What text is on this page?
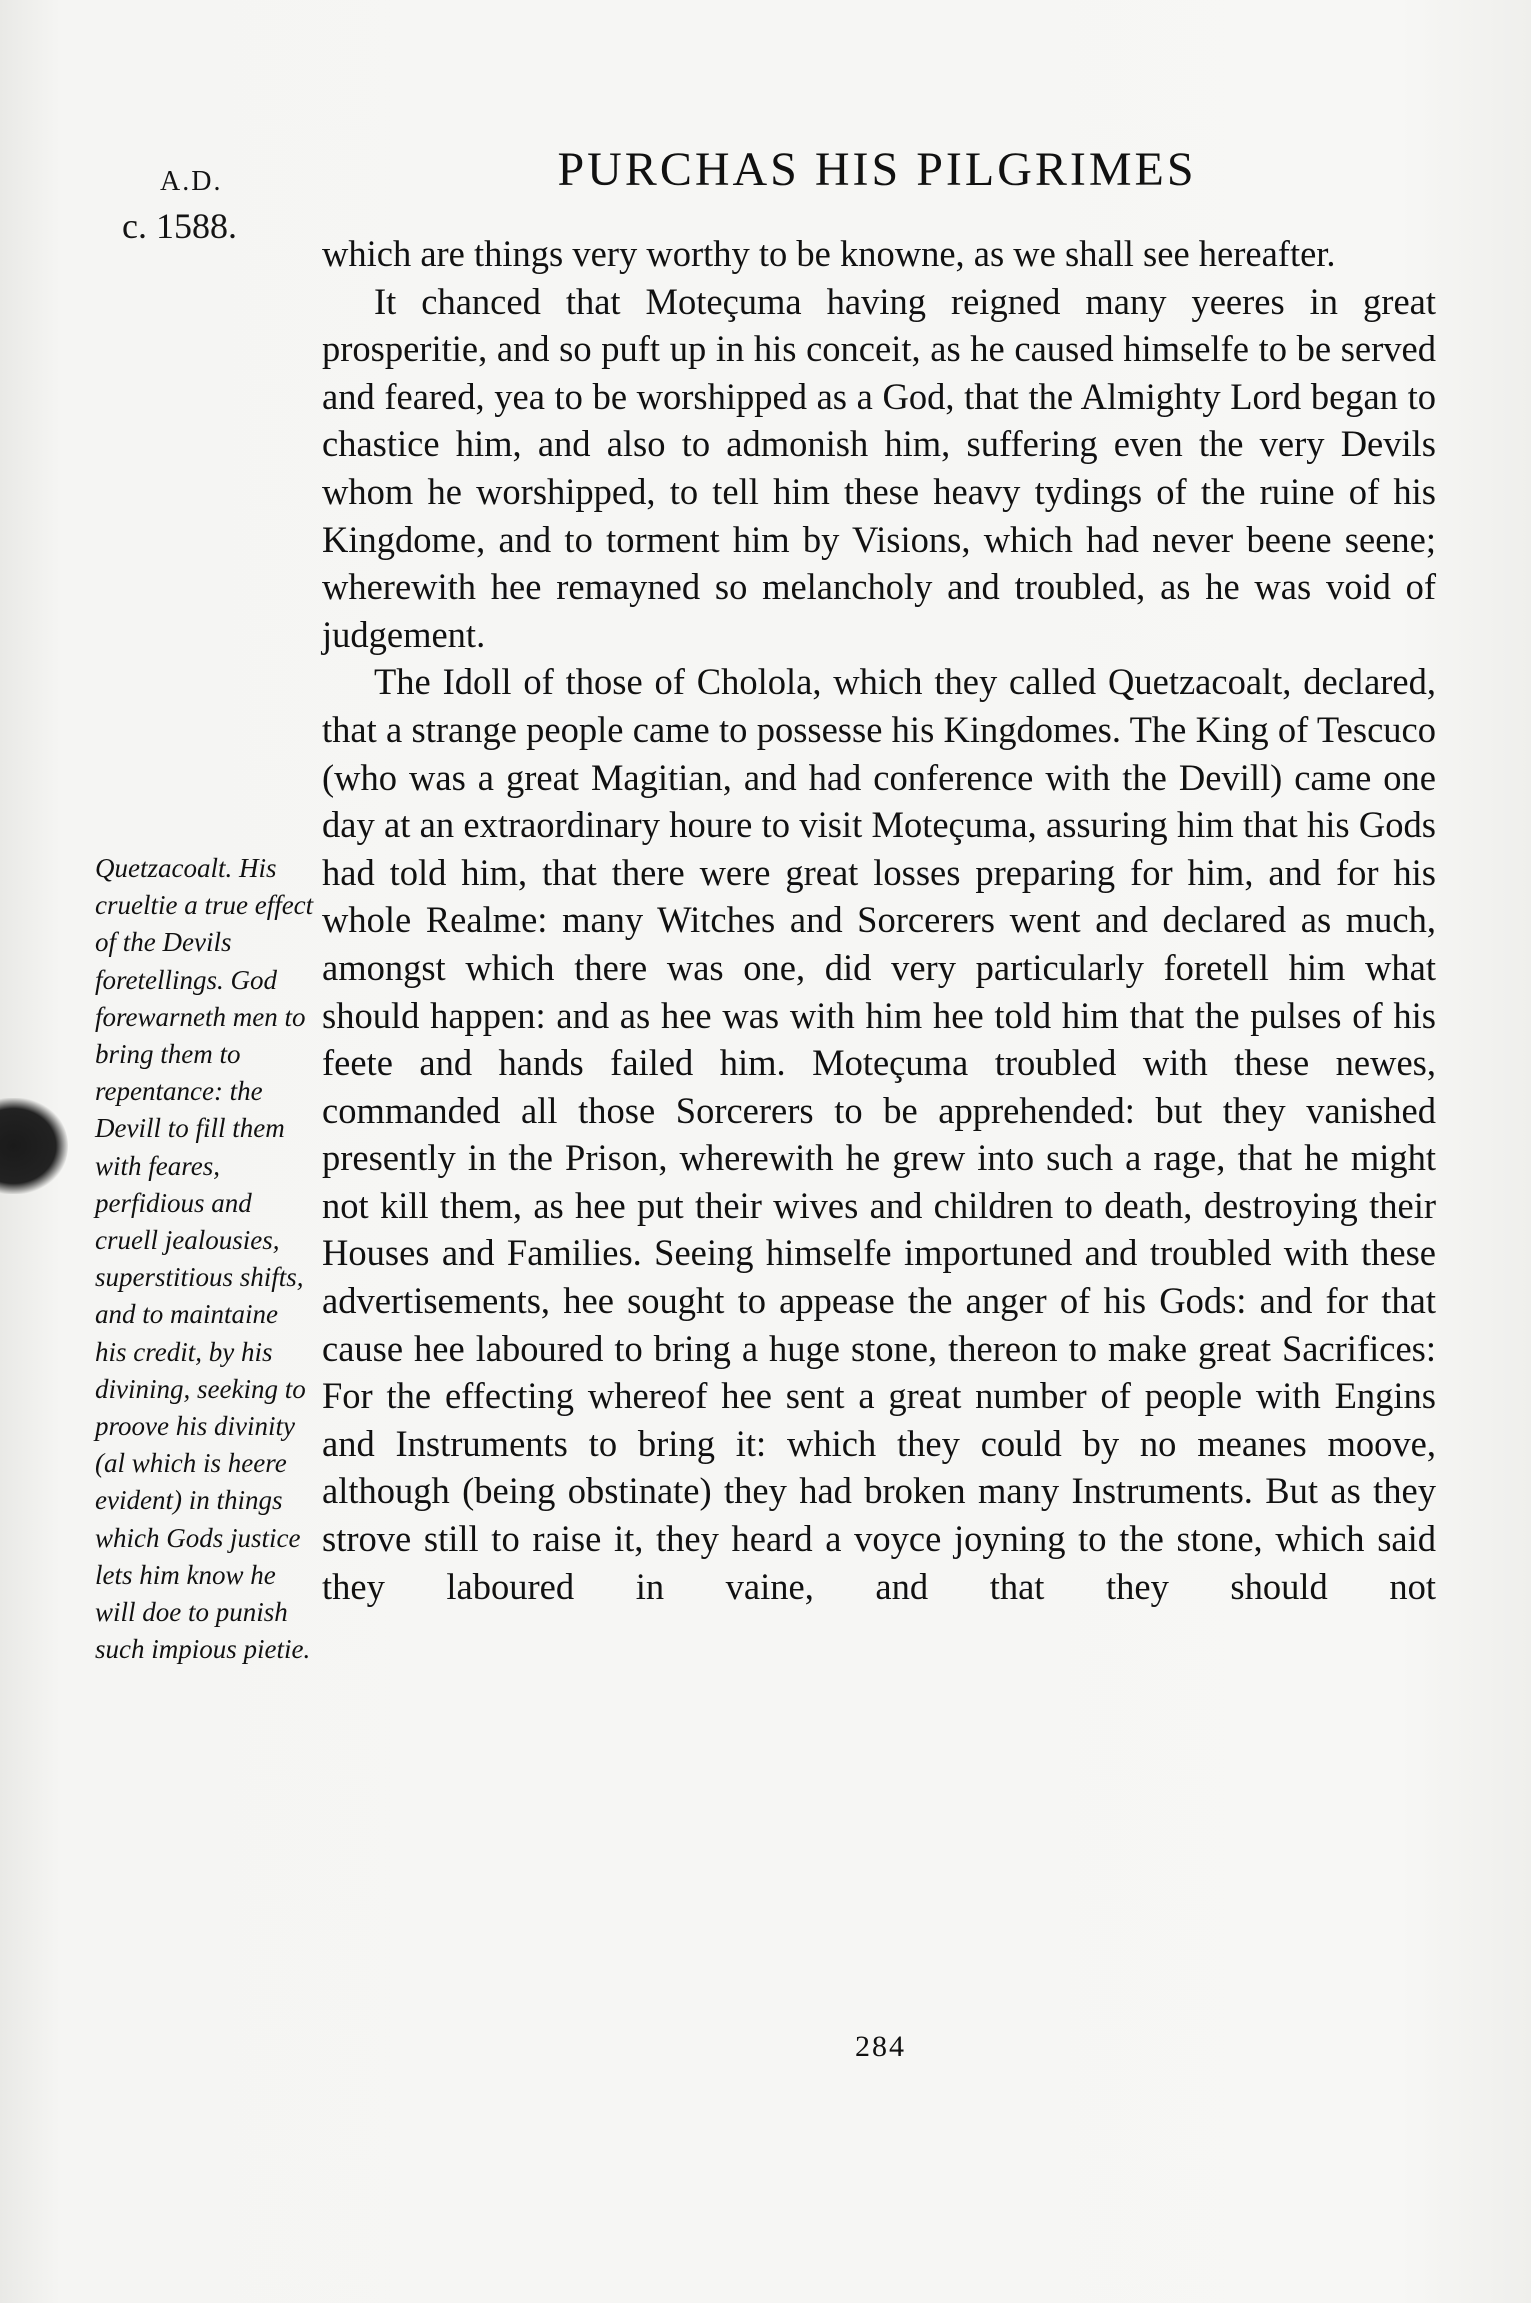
A.D.
c. 1588.
PURCHAS HIS PILGRIMES

which are things very worthy to be knowne, as we shall see hereafter.

It chanced that Moteçuma having reigned many yeeres in great prosperitie, and so puft up in his conceit, as he caused himselfe to be served and feared, yea to be worshipped as a God, that the Almighty Lord began to chastice him, and also to admonish him, suffering even the very Devils whom he worshipped, to tell him these heavy tydings of the ruine of his Kingdome, and to torment him by Visions, which had never beene seene; wherewith hee remayned so melancholy and troubled, as he was void of judgement.

The Idoll of those of Cholola, which they called Quetzacoalt, declared, that a strange people came to possesse his Kingdomes. The King of Tescuco (who was a great Magitian, and had conference with the Devill) came one day at an extraordinary houre to visit Moteçuma, assuring him that his Gods had told him, that there were great losses preparing for him, and for his whole Realme: many Witches and Sorcerers went and declared as much, amongst which there was one, did very particularly foretell him what should happen: and as hee was with him hee told him that the pulses of his feete and hands failed him. Moteçuma troubled with these newes, commanded all those Sorcerers to be apprehended: but they vanished presently in the Prison, wherewith he grew into such a rage, that he might not kill them, as hee put their wives and children to death, destroying their Houses and Families. Seeing himselfe importuned and troubled with these advertisements, hee sought to appease the anger of his Gods: and for that cause hee laboured to bring a huge stone, thereon to make great Sacrifices: For the effecting whereof hee sent a great number of people with Engins and Instruments to bring it: which they could by no meanes moove, although (being obstinate) they had broken many Instruments. But as they strove still to raise it, they heard a voyce joyning to the stone, which said they laboured in vaine, and that they should not

Quetzacoalt. His crueltie a true effect of the Devils foretellings. God forewarneth men to bring them to repentance: the Devill to fill them with feares, perfidious and cruell jealousies, superstitious shifts, and to maintaine his credit, by his divining, seeking to proove his divinity (al which is heere evident) in things which Gods justice lets him know he will doe to punish such impious pietie.
284
